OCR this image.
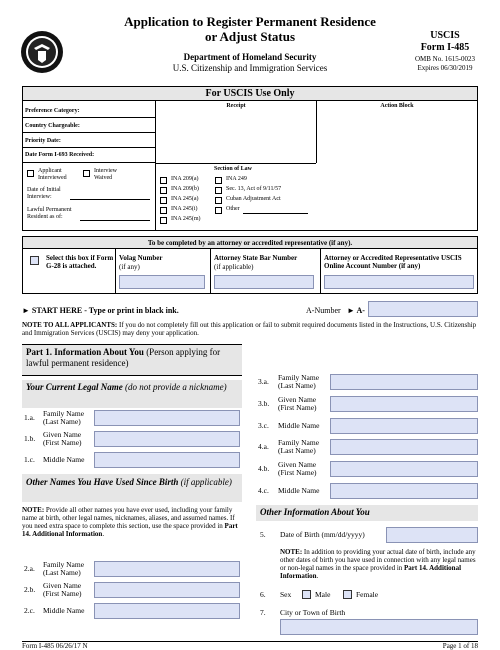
Application to Register Permanent Residence
or Adjust Status
Department of Homeland Security
U.S. Citizenship and Immigration Services
USCIS
Form I-485
OMB No. 1615-0023
Expires 06/30/2019
For USCIS Use Only
Receipt	Action Block
Preference Category:
Country Chargeable:
Priority Date:
Date Form I-693 Received:
Applicant Interviewed
Interview Waived
Date of Initial Interview:
Lawful Permanent Resident as of:
Section of Law
INA 209(a)
INA 209(b)
INA 245(a)
INA 245(i)
INA 245(m)
INA 249
Sec. 13, Act of 9/11/57
Cuban Adjustment Act
Other
To be completed by an attorney or accredited representative (if any).
Select this box if Form G-28 is attached.
Volag Number
(if any)
Attorney State Bar Number
(if applicable)
Attorney or Accredited Representative USCIS Online Account Number (if any)
► START HERE - Type or print in black ink.	A-Number ► A-
NOTE TO ALL APPLICANTS: If you do not completely fill out this application or fail to submit required documents listed in the Instructions, U.S. Citizenship and Immigration Services (USCIS) may deny your application.
Part 1. Information About You (Person applying for lawful permanent residence)
Your Current Legal Name (do not provide a nickname)
1.a. Family Name (Last Name)
1.b. Given Name (First Name)
1.c. Middle Name
Other Names You Have Used Since Birth (if applicable)
NOTE: Provide all other names you have ever used, including your family name at birth, other legal names, nicknames, aliases, and assumed names. If you need extra space to complete this section, use the space provided in Part 14. Additional Information.
2.a. Family Name (Last Name)
2.b. Given Name (First Name)
2.c. Middle Name
3.a. Family Name (Last Name)
3.b. Given Name (First Name)
3.c. Middle Name
4.a. Family Name (Last Name)
4.b. Given Name (First Name)
4.c. Middle Name
Other Information About You
5. Date of Birth (mm/dd/yyyy)
NOTE: In addition to providing your actual date of birth, include any other dates of birth you have used in connection with any legal names or non-legal names in the space provided in Part 14. Additional Information.
6. Sex	Male	Female
7. City or Town of Birth
Form I-485 06/26/17 N	Page 1 of 18
